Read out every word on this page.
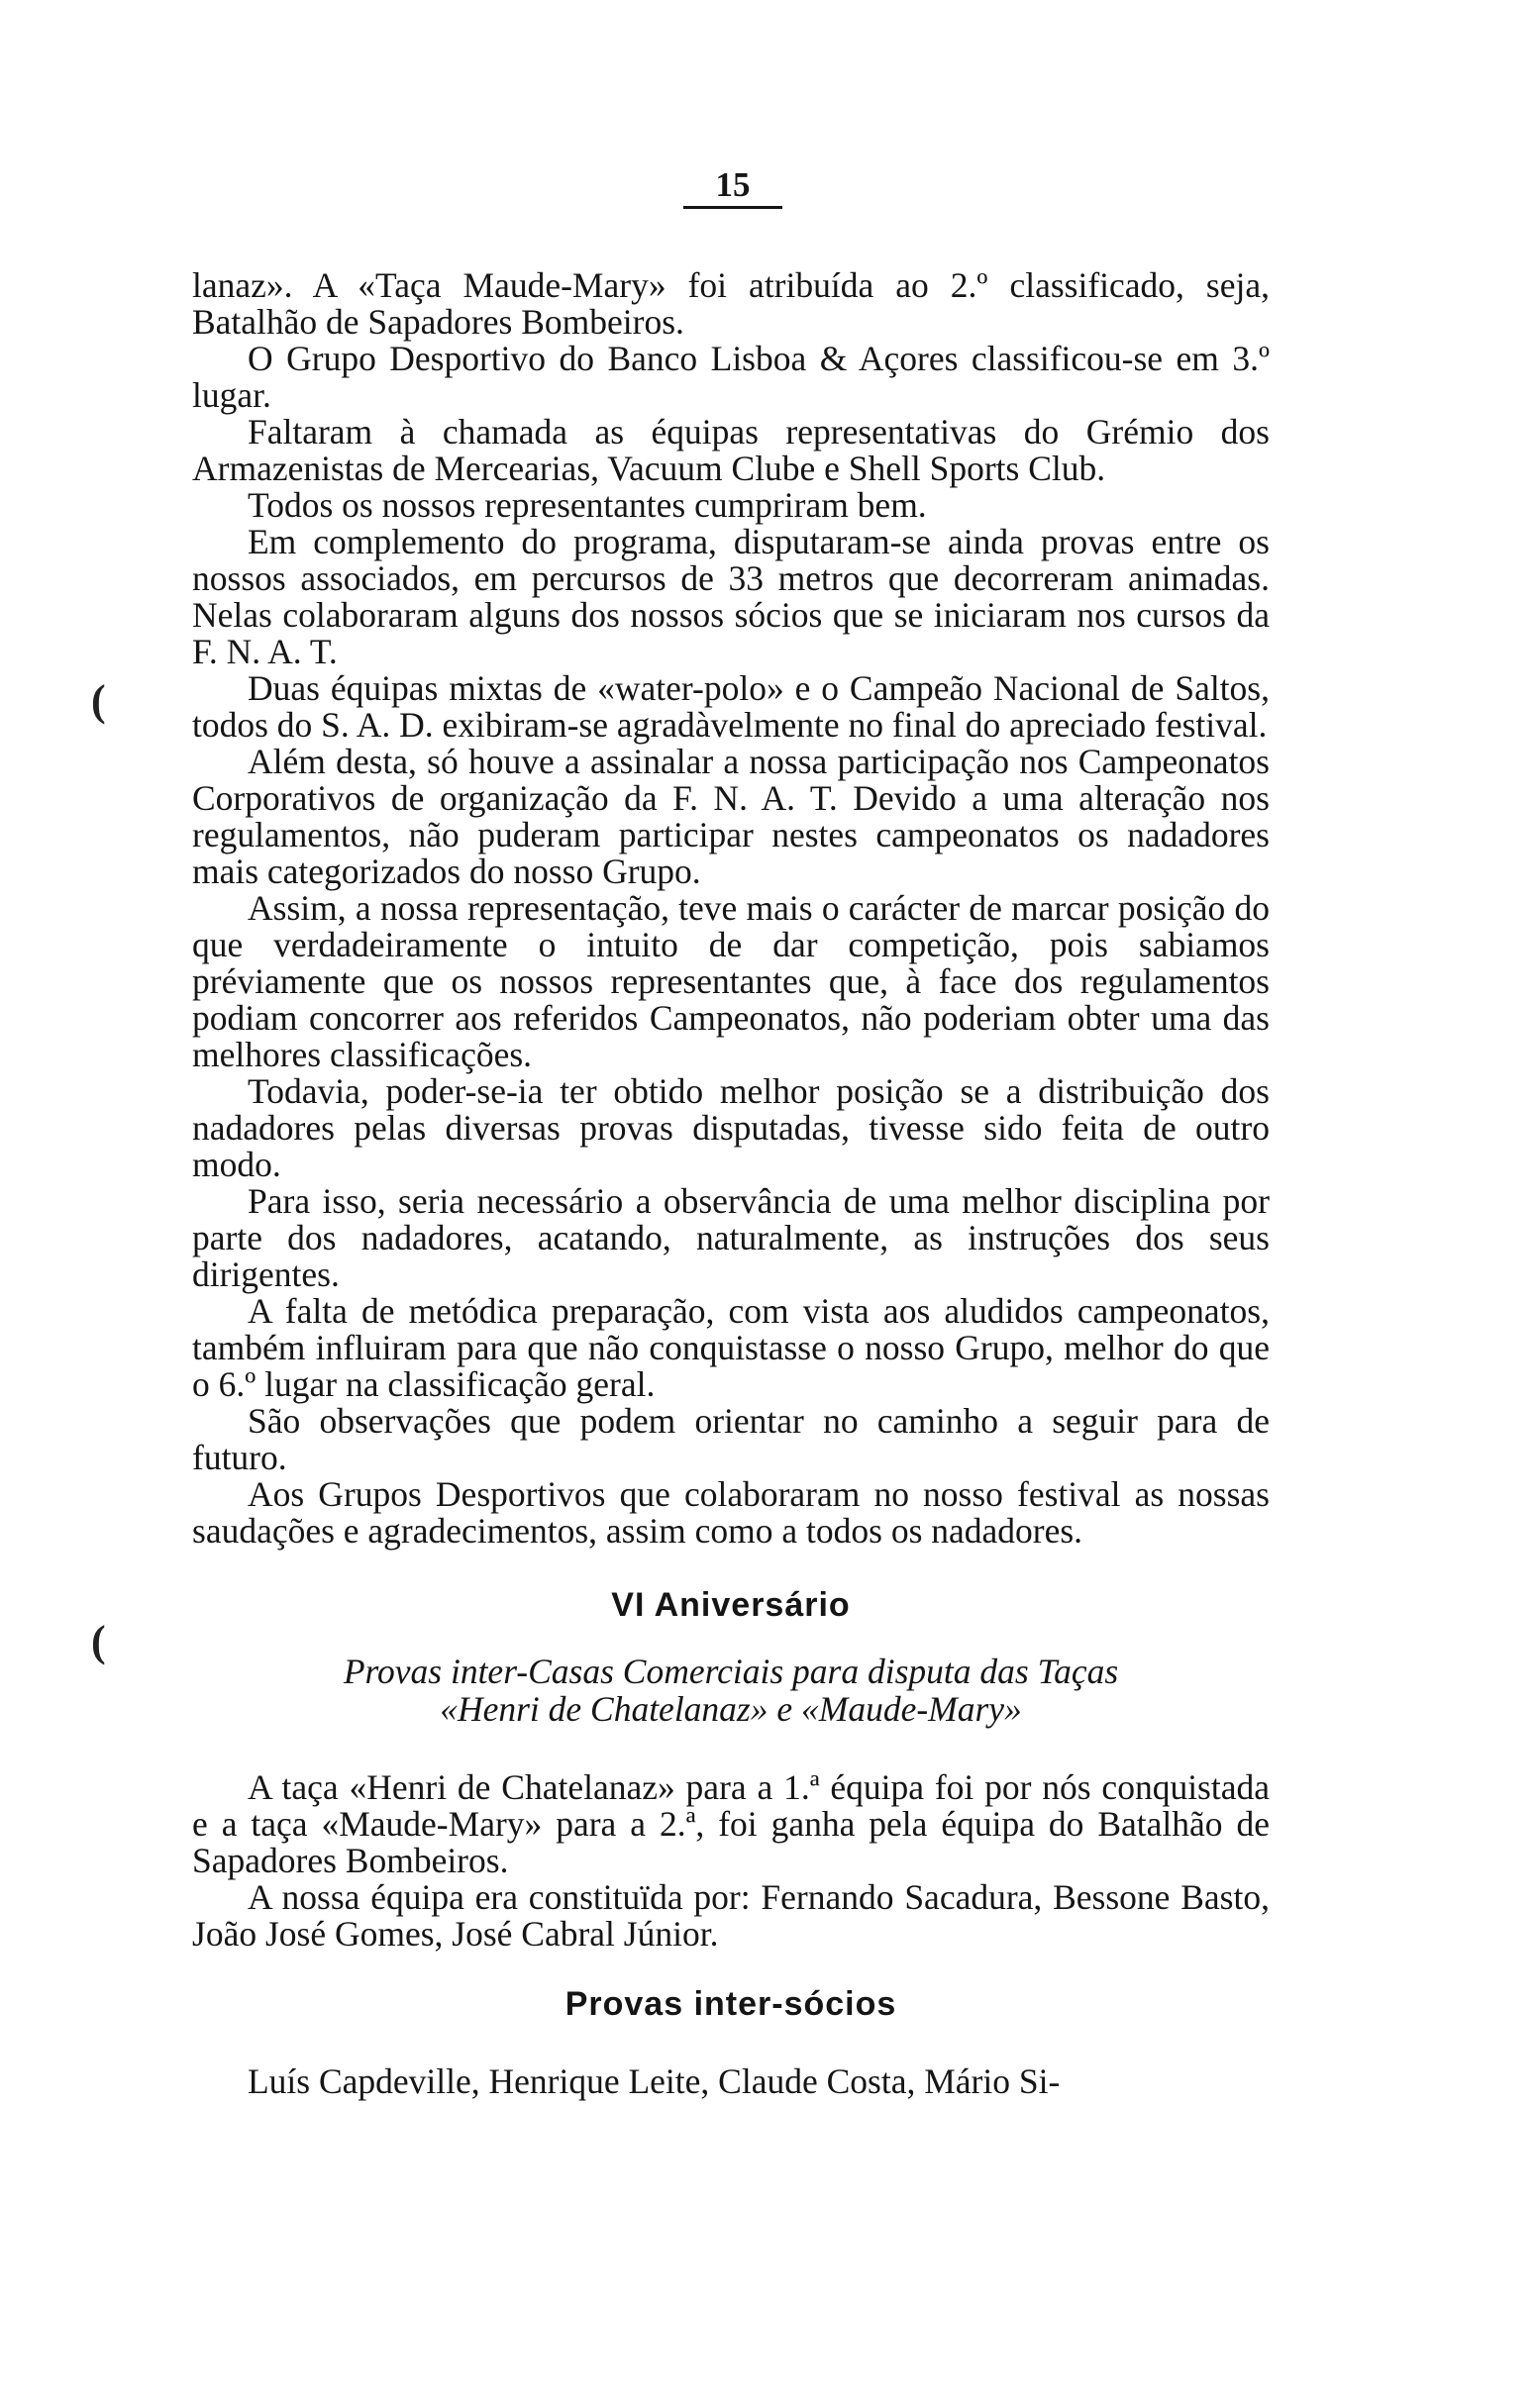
15
(
(

lanaz». A «Taça Maude-Mary» foi atribuída ao 2.º classificado, seja, Batalhão de Sapadores Bombeiros.

O Grupo Desportivo do Banco Lisboa & Açores classificou-se em 3.º lugar.

Faltaram à chamada as équipas representativas do Grémio dos Armazenistas de Mercearias, Vacuum Clube e Shell Sports Club.

Todos os nossos representantes cumpriram bem.

Em complemento do programa, disputaram-se ainda provas entre os nossos associados, em percursos de 33 metros que decorreram animadas. Nelas colaboraram alguns dos nossos sócios que se iniciaram nos cursos da F. N. A. T.

Duas équipas mixtas de «water-polo» e o Campeão Nacional de Saltos, todos do S. A. D. exibiram-se agradàvelmente no final do apreciado festival.

Além desta, só houve a assinalar a nossa participação nos Campeonatos Corporativos de organização da F. N. A. T. Devido a uma alteração nos regulamentos, não puderam participar nestes campeonatos os nadadores mais categorizados do nosso Grupo.

Assim, a nossa representação, teve mais o carácter de marcar posição do que verdadeiramente o intuito de dar competição, pois sabiamos préviamente que os nossos representantes que, à face dos regulamentos podiam concorrer aos referidos Campeonatos, não poderiam obter uma das melhores classificações.

Todavia, poder-se-ia ter obtido melhor posição se a distribuição dos nadadores pelas diversas provas disputadas, tivesse sido feita de outro modo.

Para isso, seria necessário a observância de uma melhor disciplina por parte dos nadadores, acatando, naturalmente, as instruções dos seus dirigentes.

A falta de metódica preparação, com vista aos aludidos campeonatos, também influiram para que não conquistasse o nosso Grupo, melhor do que o 6.º lugar na classificação geral.

São observações que podem orientar no caminho a seguir para de futuro.

Aos Grupos Desportivos que colaboraram no nosso festival as nossas saudações e agradecimentos, assim como a todos os nadadores.

VI Aniversário
Provas inter-Casas Comerciais para disputa das Taças
«Henri de Chatelanaz» e «Maude-Mary»

A taça «Henri de Chatelanaz» para a 1.ª équipa foi por nós conquistada e a taça «Maude-Mary» para a 2.ª, foi ganha pela équipa do Batalhão de Sapadores Bombeiros.

A nossa équipa era constituïda por: Fernando Sacadura, Bessone Basto, João José Gomes, José Cabral Júnior.

Provas inter-sócios

Luís Capdeville, Henrique Leite, Claude Costa, Mário Si-
